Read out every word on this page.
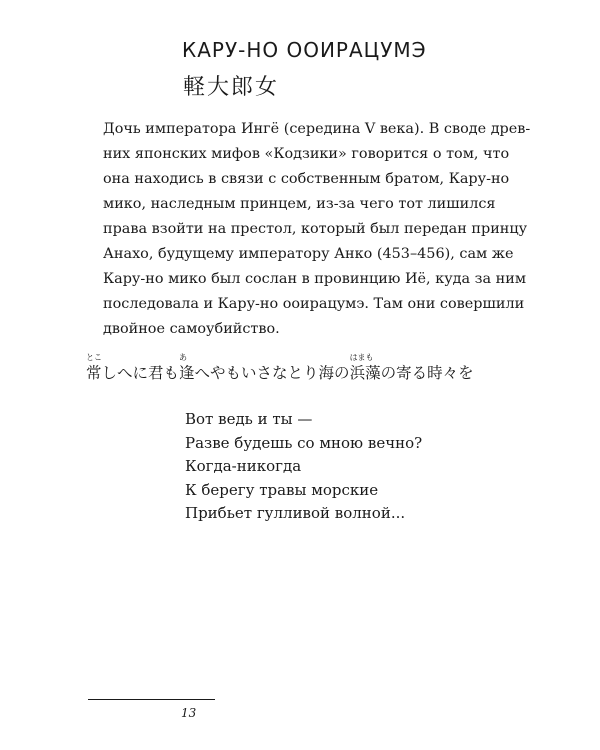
КАРУ-НО ООИРАЦУМЭ
軽大郎女

Дочь императора Ингё (середина V века). В своде древ-
них японских мифов «Кодзики» говорится о том, что
она находись в связи с собственным братом, Кару-но
мико, наследным принцем, из-за чего тот лишился
права взойти на престол, который был передан принцу
Анахо, будущему императору Анко (453–456), сам же
Кару-но мико был сослан в провинцию Иё, куда за ним
последовала и Кару-но ооирацумэ. Там они совершили
двойное самоубийство.

とこ
常しへに君も
あ
逢へやもいさなとり海の
はまも
浜藻の寄る時々を
Вот ведь и ты —
Разве будешь со мною вечно?
Когда-никогда
К берегу травы морские
Прибьет гулливой волной...
13
